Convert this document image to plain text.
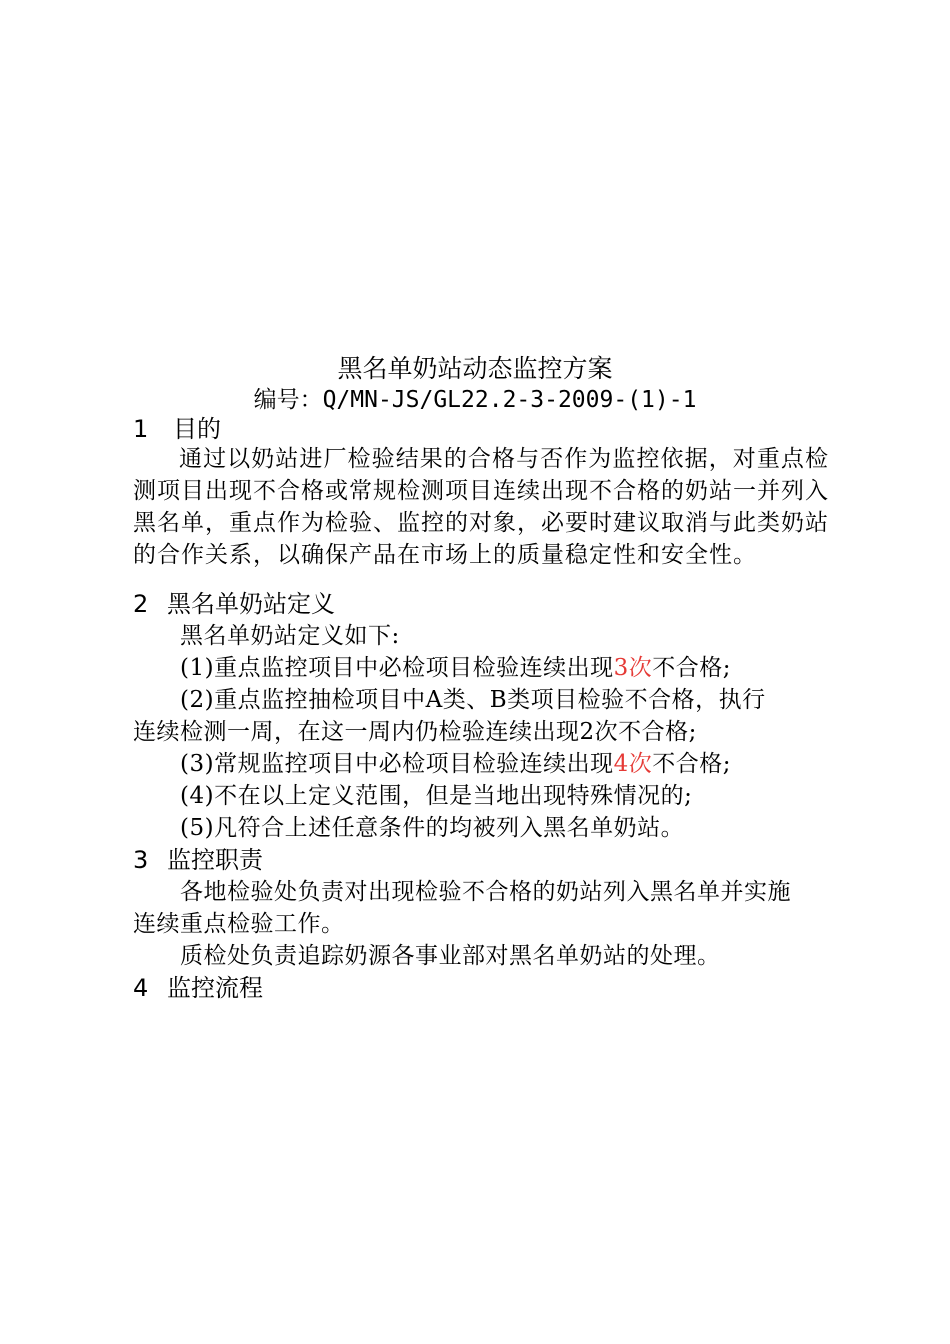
黑名单奶站动态监控方案
编号：Q/MN-JS/GL22.2-3-2009-(1)-1
1 目的
通过以奶站进厂检验结果的合格与否作为监控依据，对重点检测项目出现不合格或常规检测项目连续出现不合格的奶站一并列入黑名单，重点作为检验、监控的对象，必要时建议取消与此类奶站的合作关系，以确保产品在市场上的质量稳定性和安全性。
2 黑名单奶站定义
黑名单奶站定义如下:
(1)重点监控项目中必检项目检验连续出现3次不合格;
(2)重点监控抽检项目中A类、B类项目检验不合格，执行
连续检测一周，在这一周内仍检验连续出现2次不合格;
(3)常规监控项目中必检项目检验连续出现4次不合格;
(4)不在以上定义范围，但是当地出现特殊情况的;
(5)凡符合上述任意条件的均被列入黑名单奶站。
3 监控职责
各地检验处负责对出现检验不合格的奶站列入黑名单并实施
连续重点检验工作。
质检处负责追踪奶源各事业部对黑名单奶站的处理。
4 监控流程
